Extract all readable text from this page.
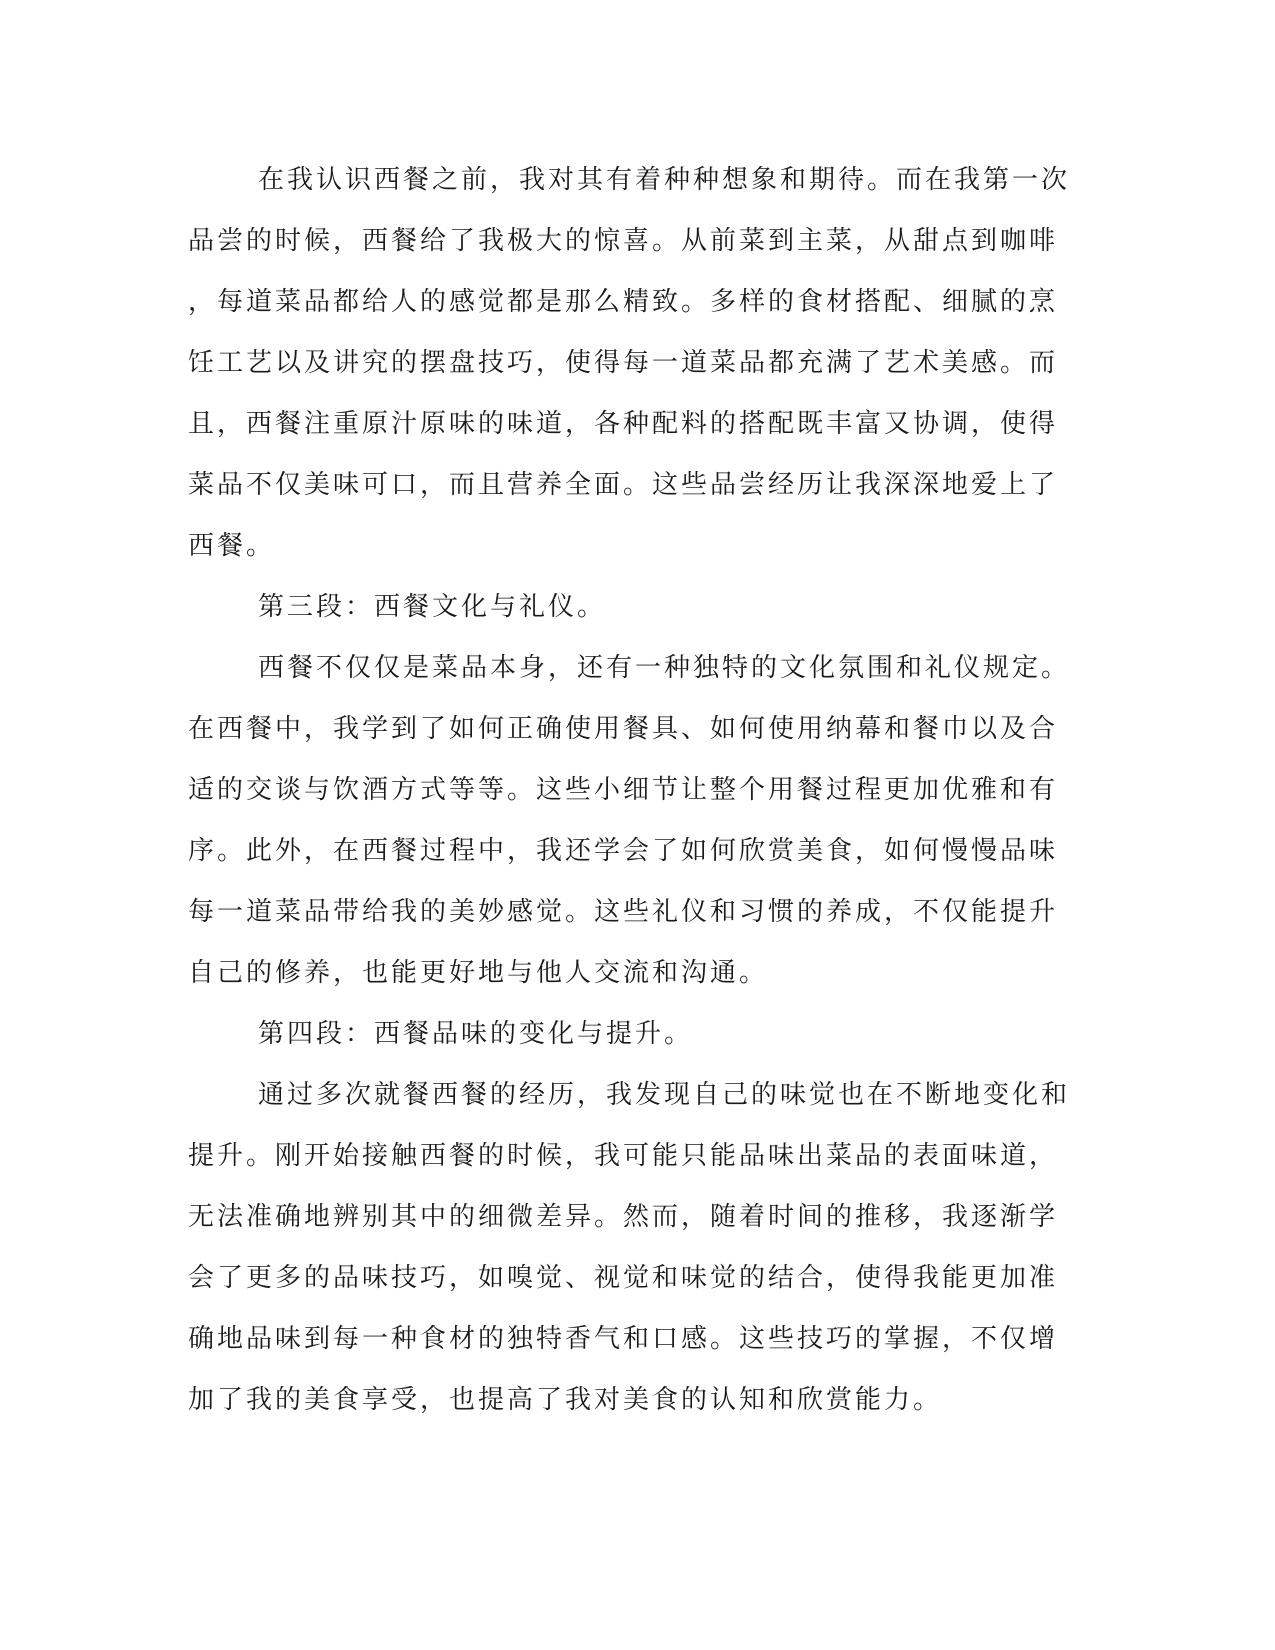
在我认识西餐之前，我对其有着种种想象和期待。而在我第一次
品尝的时候，西餐给了我极大的惊喜。从前菜到主菜，从甜点到咖啡
，每道菜品都给人的感觉都是那么精致。多样的食材搭配、细腻的烹
饪工艺以及讲究的摆盘技巧，使得每一道菜品都充满了艺术美感。而
且，西餐注重原汁原味的味道，各种配料的搭配既丰富又协调，使得
菜品不仅美味可口，而且营养全面。这些品尝经历让我深深地爱上了
西餐。
第三段：西餐文化与礼仪。
西餐不仅仅是菜品本身，还有一种独特的文化氛围和礼仪规定。
在西餐中，我学到了如何正确使用餐具、如何使用纳幕和餐巾以及合
适的交谈与饮酒方式等等。这些小细节让整个用餐过程更加优雅和有
序。此外，在西餐过程中，我还学会了如何欣赏美食，如何慢慢品味
每一道菜品带给我的美妙感觉。这些礼仪和习惯的养成，不仅能提升
自己的修养，也能更好地与他人交流和沟通。
第四段：西餐品味的变化与提升。
通过多次就餐西餐的经历，我发现自己的味觉也在不断地变化和
提升。刚开始接触西餐的时候，我可能只能品味出菜品的表面味道，
无法准确地辨别其中的细微差异。然而，随着时间的推移，我逐渐学
会了更多的品味技巧，如嗅觉、视觉和味觉的结合，使得我能更加准
确地品味到每一种食材的独特香气和口感。这些技巧的掌握，不仅增
加了我的美食享受，也提高了我对美食的认知和欣赏能力。
